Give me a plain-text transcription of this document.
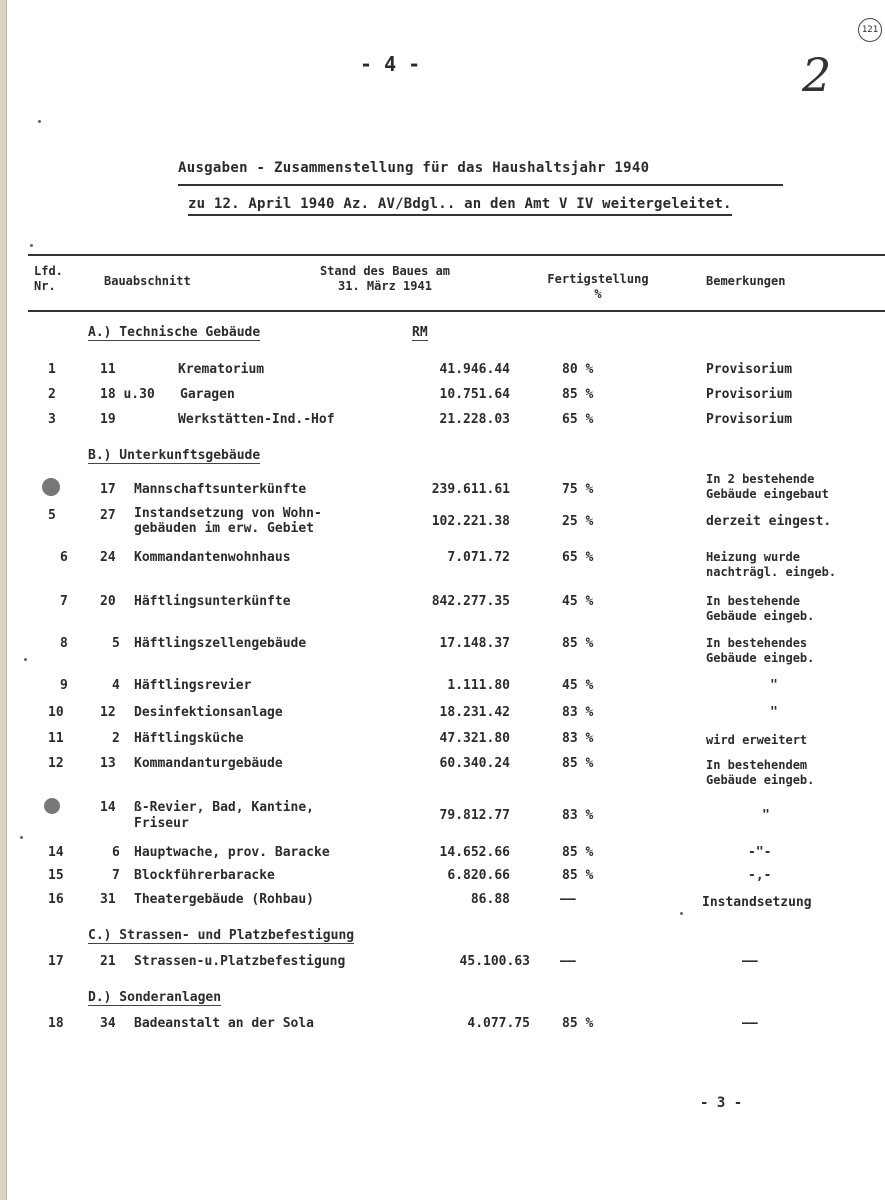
- 4 -	2
121
Ausgaben - Zusammenstellung für das Haushaltsjahr 1940
zu 12. April 1940 Az. AV/Bdgl.. an den Amt V IV weitergeleitet.
Lfd.
Nr.	Bauabschnitt
Stand des Baues am
31. März 1941	Fertigstellung
%
Bemerkungen
A.) Technische Gebäude	RM
1	11	Krematorium	41.946.44	80 %	Provisorium
2	18 u.30 Garagen	10.751.64	85 %	Provisorium
3	19	Werkstätten-Ind.-Hof	21.228.03	65 %	Provisorium
B.) Unterkunftsgebäude
17 Mannschaftsunterkünfte	239.611.61	75 %
In 2 bestehende
Gebäude eingebaut
5	27 Instandsetzung von Wohn-
gebäuden im erw. Gebiet	102.221.38	25 %	derzeit eingest.
6 24 Kommandantenwohnhaus	7.071.72	65 %	Heizung wurde
nachträgl. eingeb.
7 20 Häftlingsunterkünfte	842.277.35	45 %	In bestehende
Gebäude eingeb.
8	5 Häftlingszellengebäude	17.148.37	85 %	In bestehendes
Gebäude eingeb.
9	4 Häftlingsrevier	1.111.80	45 %	"
10	12 Desinfektionsanlage	18.231.42	83 %	"
11	2 Häftlingsküche	47.321.80	83 %	wird erweitert
12	13 Kommandanturgebäude	60.340.24	85 %	In bestehendem
Gebäude eingeb.
14 ß-Revier, Bad, Kantine,
Friseur
79.812.77	83 %	"
14	6 Hauptwache, prov. Baracke	14.652.66	85 %	-"-
15	7 Blockführerbaracke	6.820.66	85 %	-,-
16	31 Theatergebäude (Rohbau)	86.88	——	Instandsetzung
C.) Strassen- und Platzbefestigung
17	21 Strassen-u.Platzbefestigung	45.100.63 ——	——
D.) Sonderanlagen
18	34 Badeanstalt an der Sola	4.077.75 85 %	——
- 3 -
